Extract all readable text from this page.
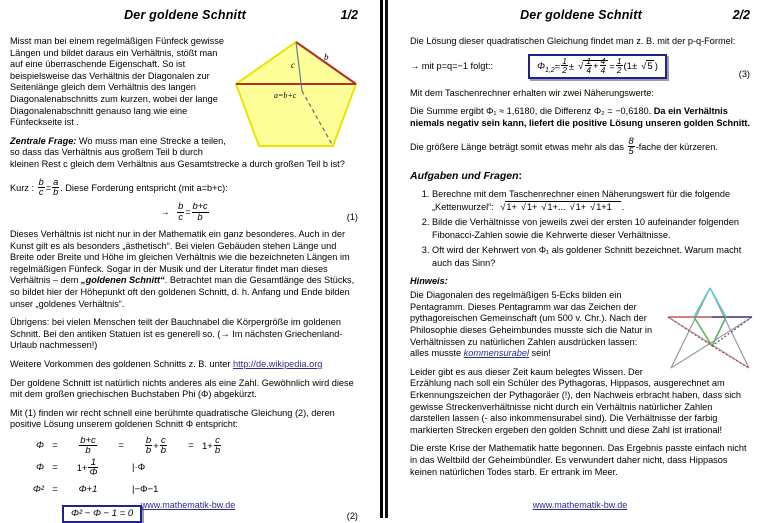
Der goldene Schnitt	1/2
b
c
a=b+c

Misst man bei einem regelmäßigen Fünfeck gewisse Längen und bildet daraus ein Verhältnis, stößt man auf eine überraschende Eigenschaft. So ist beispielsweise das Verhältnis der Diagonalen zur Seitenlänge gleich dem Verhältnis des langen Diagonalenabschnitts zum kurzen, wobei der lange Diagonalenabschnitt genauso lang wie eine Fünfeckseite ist .

Zentrale Frage: Wo muss man eine Strecke a teilen, so dass das Verhältnis aus großem Teil b durch kleinen Rest c gleich dem Verhältnis aus Gesamtstrecke a durch großen Teil b ist?

Kurz : $\frac{b}{c} = \frac{a}{b}$ . Diese Forderung entspricht (mit a=b+c):

→ $\frac{b}{c} = \frac{b+c}{b}$	(1)

Dieses Verhältnis ist nicht nur in der Mathematik ein ganz besonderes. Auch in der Kunst gilt es als besonders „ästhetisch“. Bei vielen Gebäuden stehen Länge und Breite oder Breite und Höhe im gleichen Verhältnis wie die bezeichneten Längen im regelmäßigen Fünfeck. Sogar in der Musik und der Literatur findet man dieses Verhältnis – dem „goldenen Schnitt“. Betrachtet man die Gesamtlänge des Stücks, so bildet hier der Höhepunkt oft den goldenen Schnitt, d. h. Anfang und Ende bilden unser „goldenes Verhältnis“.

Übrigens: bei vielen Menschen teilt der Bauchnabel die Körpergröße im goldenen Schnitt. Bei den antiken Statuen ist es generell so. (→ Im nächsten Griechenland-Urlaub nachmessen!)

Weitere Vorkommen des goldenen Schnitts z. B. unter http://de.wikipedia.org

Der goldene Schnitt ist natürlich nichts anderes als eine Zahl. Gewöhnlich wird diese mit dem großen griechischen Buchstaben Phi (Φ) abgekürzt.

Mit (1) finden wir recht schnell eine berühmte quadratische Gleichung (2), deren positive Lösung unserem goldenen Schnitt Φ entspricht:

Φ =	$\frac{b+c}{b}$	=	$\frac{b}{b} + \frac{c}{b}$	= $1+ \frac{c}{b}$
Φ =	$1+ \frac{1}{\Phi}$	|·Φ
Φ² =	Φ+1	|−Φ−1
Φ² − Φ − 1 = 0	(2)
www.mathematik-bw.de
Der goldene Schnitt	2/2

Die Lösung dieser quadratischen Gleichung findet man z. B. mit der p-q-Formel:

→ mit p=q=−1 folgt::	$\Phi_{1,2}= \frac{1}{2}$ ± √ $\frac{1}{4} + \frac{4}{4} = \frac{1}{2} (1\pm$ √ 5 )
(3)

Mit dem Taschenrechner erhalten wir zwei Näherungswerte:

Die Summe ergibt Φ₁ ≈ 1,6180, die Differenz Φ₂ = −0,6180. Da ein Verhältnis niemals negativ sein kann, liefert die positive Lösung unseren golden Schnitt.

Die größere Länge beträgt somit etwas mehr als das $\frac{8}{5}$ -fache der kürzeren.

Aufgaben und Fragen:
1. Berechne mit dem Taschenrechner einen Näherungswert für die folgende „Kettenwurzel“: √ 1+ √ 1+ √ 1+... √ 1+ √ 1+1 .
2. Bilde die Verhältnisse von jeweils zwei der ersten 10 aufeinander folgenden Fibonacci-Zahlen sowie die Kehrwerte dieser Verhältnisse.
3. Oft wird der Kehrwert von Φ₁ als goldener Schnitt bezeichnet. Warum macht auch das Sinn?
Hinweis:

Die Diagonalen des regelmäßigen 5-Ecks bilden ein Pentagramm. Dieses Pentagramm war das Zeichen der pythagoreischen Gemeinschaft (um 500 v. Chr.). Nach der Philosophie dieses Geheimbundes musste sich die Natur in Verhältnissen zu natürlichen Zahlen ausdrücken lassen: alles musste kommensurabel sein!

Leider gibt es aus dieser Zeit kaum belegtes Wissen. Der Erzählung nach soll ein Schüler des Pythagoras, Hippasos, ausgerechnet am Erkennungszeichen der Pythagoräer (!), den Nachweis erbracht haben, dass sich gewisse Streckenverhältnisse nicht durch ein Verhältnis natürlicher Zahlen darstellen lassen (- also inkommensurabel sind). Die Verhältnisse der farbig markierten Strecken ergeben den golden Schnitt und diese Zahl ist irrational!

Die erste Krise der Mathematik hatte begonnen. Das Ergebnis passte einfach nicht in das Weltbild der Geheimbündler. Es verwundert daher nicht, dass Hippasos keinen natürlichen Todes starb. Er ertrank im Meer.

www.mathematik-bw.de
